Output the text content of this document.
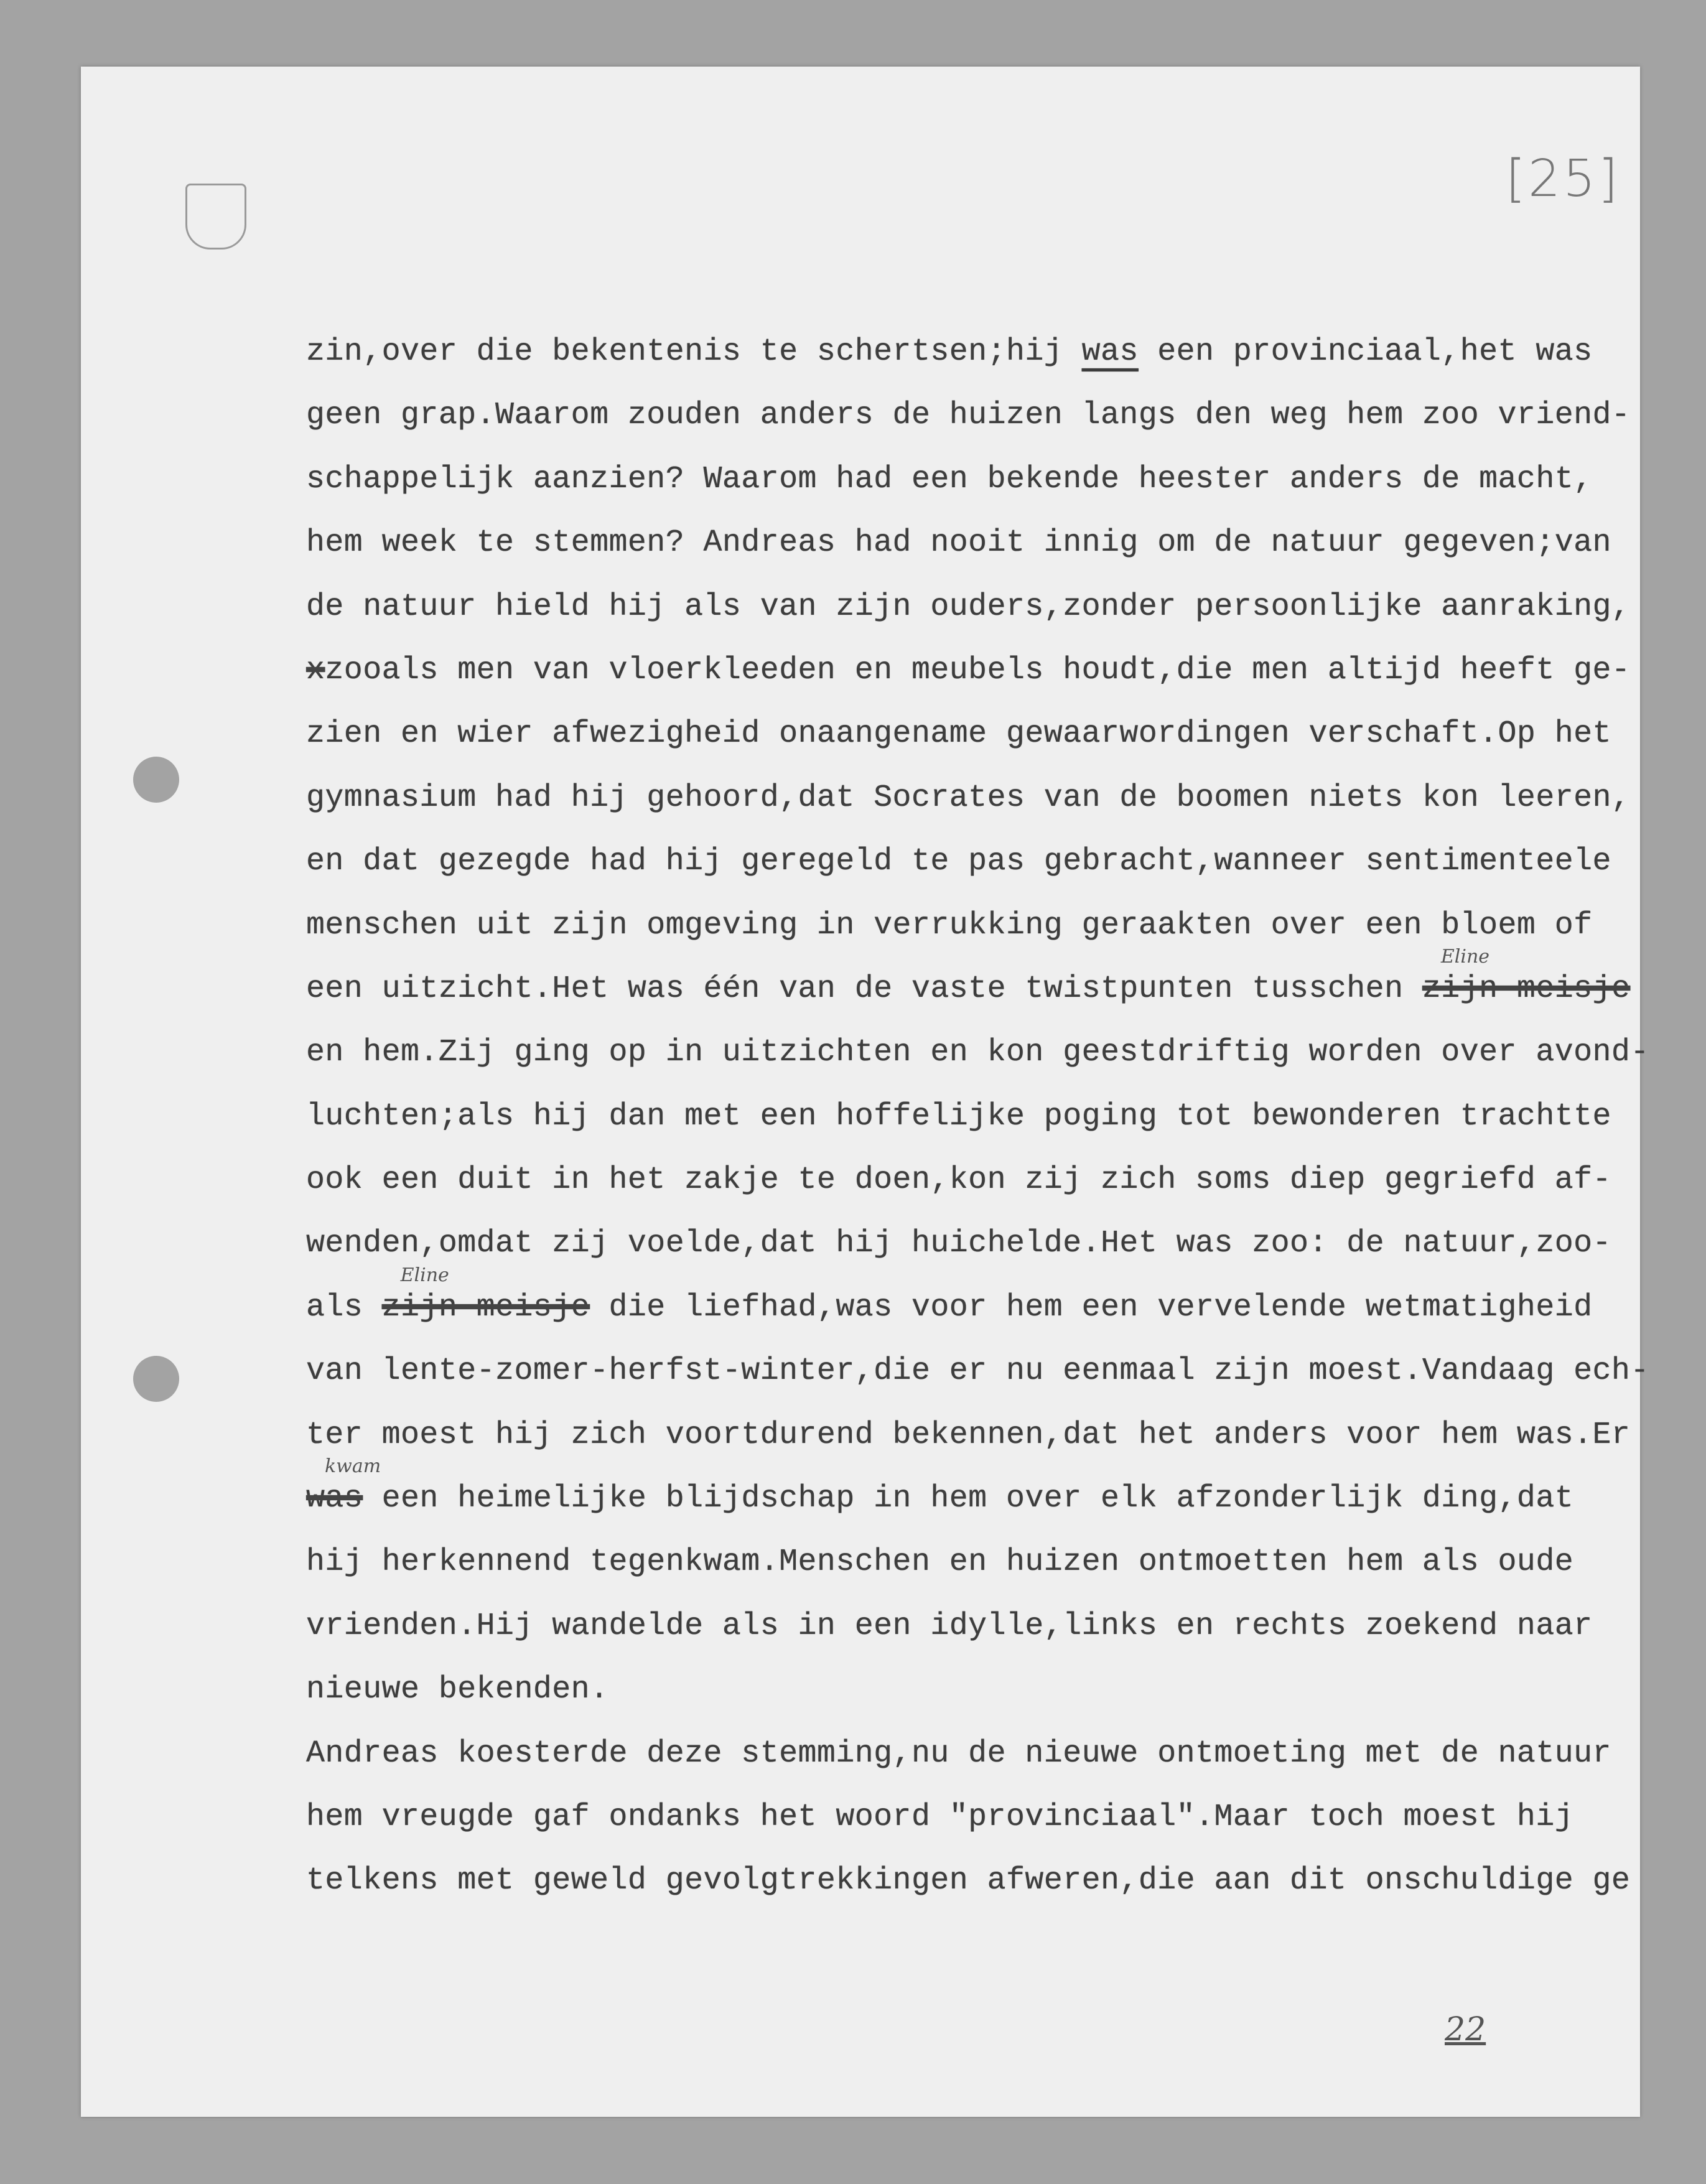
[25]
22
zin,over die bekentenis te schertsen;hij was een provinciaal,het was
geen grap.Waarom zouden anders de huizen langs den weg hem zoo vriend-
schappelijk aanzien? Waarom had een bekende heester anders de macht,
hem week te stemmen? Andreas had nooit innig om de natuur gegeven;van
de natuur hield hij als van zijn ouders,zonder persoonlijke aanraking,
xzooals men van vloerkleeden en meubels houdt,die men altijd heeft ge-
zien en wier afwezigheid onaangename gewaarwordingen verschaft.Op het
gymnasium had hij gehoord,dat Socrates van de boomen niets kon leeren,
en dat gezegde had hij geregeld te pas gebracht,wanneer sentimenteele
menschen uit zijn omgeving in verrukking geraakten over een bloem of
een uitzicht.Het was één van de vaste twistpunten tusschen zijn meisje
Eline
en hem.Zij ging op in uitzichten en kon geestdriftig worden over avond-
luchten;als hij dan met een hoffelijke poging tot bewonderen trachtte
ook een duit in het zakje te doen,kon zij zich soms diep gegriefd af-
wenden,omdat zij voelde,dat hij huichelde.Het was zoo: de natuur,zoo-
als zijn meisje
Eline
die liefhad,was voor hem een vervelende wetmatigheid
van lente-zomer-herfst-winter,die er nu eenmaal zijn moest.Vandaag ech-
ter moest hij zich voortdurend bekennen,dat het anders voor hem was.Er
was
kwam
een heimelijke blijdschap in hem over elk afzonderlijk ding,dat
hij herkennend tegenkwam.Menschen en huizen ontmoetten hem als oude
vrienden.Hij wandelde als in een idylle,links en rechts zoekend naar
nieuwe bekenden.
Andreas koesterde deze stemming,nu de nieuwe ontmoeting met de natuur
hem vreugde gaf ondanks het woord "provinciaal".Maar toch moest hij
telkens met geweld gevolgtrekkingen afweren,die aan dit onschuldige ge
